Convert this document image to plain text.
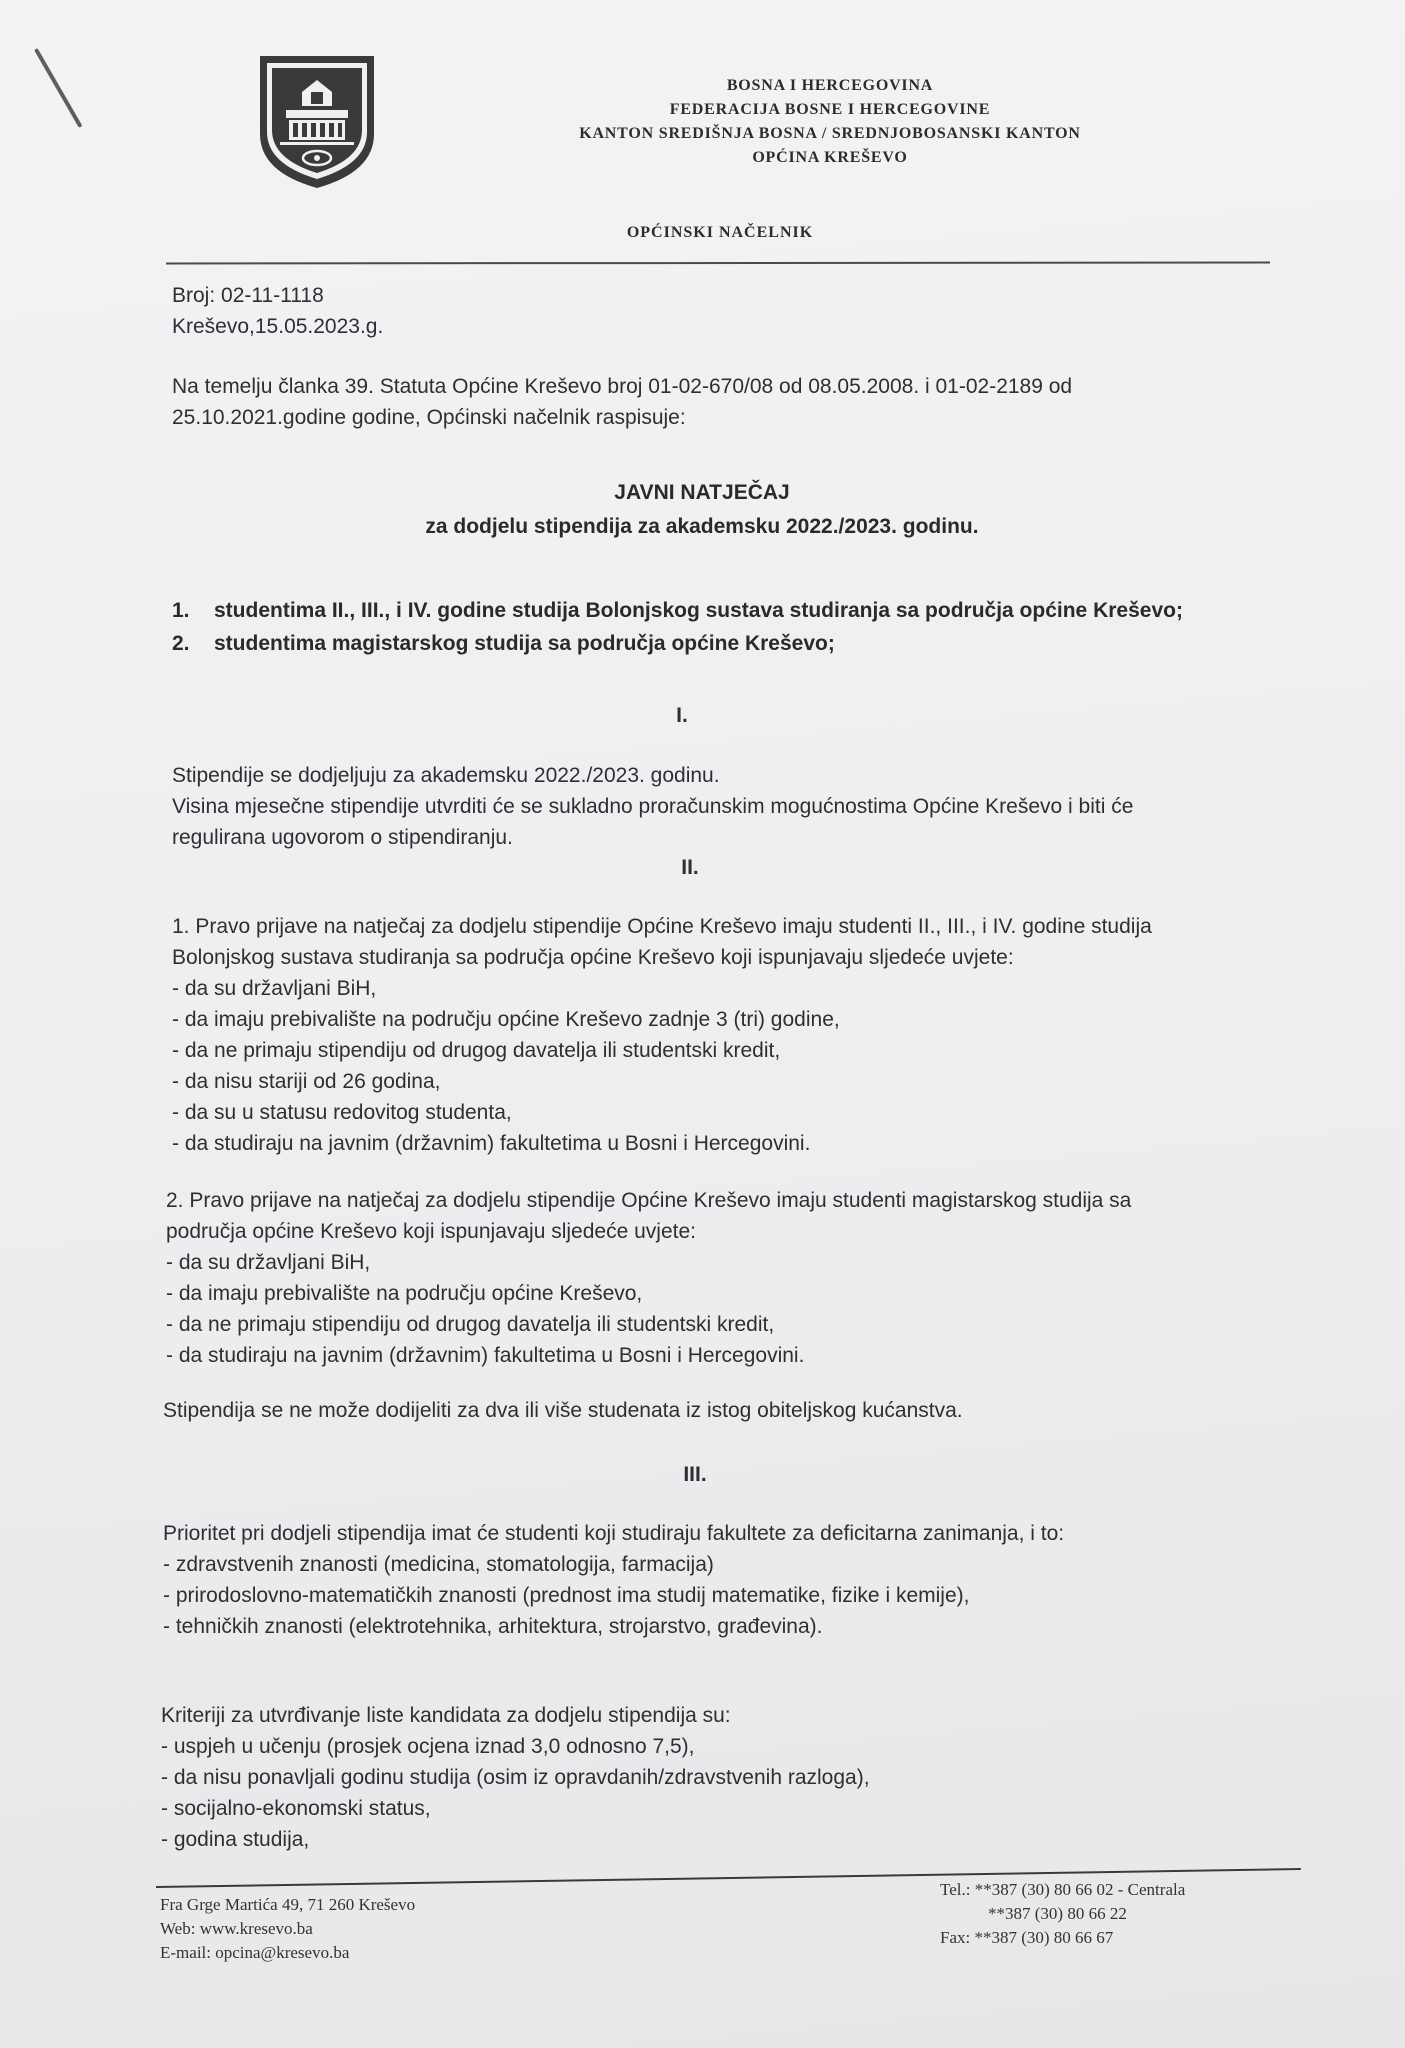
BOSNA I HERCEGOVINA
FEDERACIJA BOSNE I HERCEGOVINE
KANTON SREDIŠNJA BOSNA / SREDNJOBOSANSKI KANTON
OPĆINA KREŠEVO
OPĆINSKI NAČELNIK
Broj: 02-11-1118
Kreševo,15.05.2023.g.
Na temelju članka 39. Statuta Općine Kreševo broj 01-02-670/08 od 08.05.2008. i 01-02-2189 od
25.10.2021.godine godine, Općinski načelnik raspisuje:
JAVNI NATJEČAJ
za dodjelu stipendija za akademsku 2022./2023. godinu.
1.	studentima II., III., i IV. godine studija Bolonjskog sustava studiranja sa područja općine Kreševo;
2.	studentima magistarskog studija sa područja općine Kreševo;
I.
Stipendije se dodjeljuju za akademsku 2022./2023. godinu.
Visina mjesečne stipendije utvrditi će se sukladno proračunskim mogućnostima Općine Kreševo i biti će
regulirana ugovorom o stipendiranju.
II.
1. Pravo prijave na natječaj za dodjelu stipendije Općine Kreševo imaju studenti II., III., i IV. godine studija
Bolonjskog sustava studiranja sa područja općine Kreševo koji ispunjavaju sljedeće uvjete:
- da su državljani BiH,
- da imaju prebivalište na području općine Kreševo zadnje 3 (tri) godine,
- da ne primaju stipendiju od drugog davatelja ili studentski kredit,
- da nisu stariji od 26 godina,
- da su u statusu redovitog studenta,
- da studiraju na javnim (državnim) fakultetima u Bosni i Hercegovini.
2. Pravo prijave na natječaj za dodjelu stipendije Općine Kreševo imaju studenti magistarskog studija sa
područja općine Kreševo koji ispunjavaju sljedeće uvjete:
- da su državljani BiH,
- da imaju prebivalište na području općine Kreševo,
- da ne primaju stipendiju od drugog davatelja ili studentski kredit,
- da studiraju na javnim (državnim) fakultetima u Bosni i Hercegovini.
Stipendija se ne može dodijeliti za dva ili više studenata iz istog obiteljskog kućanstva.
III.
Prioritet pri dodjeli stipendija imat će studenti koji studiraju fakultete za deficitarna zanimanja, i to:
- zdravstvenih znanosti (medicina, stomatologija, farmacija)
- prirodoslovno-matematičkih znanosti (prednost ima studij matematike, fizike i kemije),
- tehničkih znanosti (elektrotehnika, arhitektura, strojarstvo, građevina).
Kriteriji za utvrđivanje liste kandidata za dodjelu stipendija su:
- uspjeh u učenju (prosjek ocjena iznad 3,0 odnosno 7,5),
- da nisu ponavljali godinu studija (osim iz opravdanih/zdravstvenih razloga),
- socijalno-ekonomski status,
- godina studija,
Fra Grge Martića 49, 71 260 Kreševo
Web: www.kresevo.ba
E-mail: opcina@kresevo.ba
Tel.: **387 (30) 80 66 02 - Centrala
**387 (30) 80 66 22
Fax: **387 (30) 80 66 67
